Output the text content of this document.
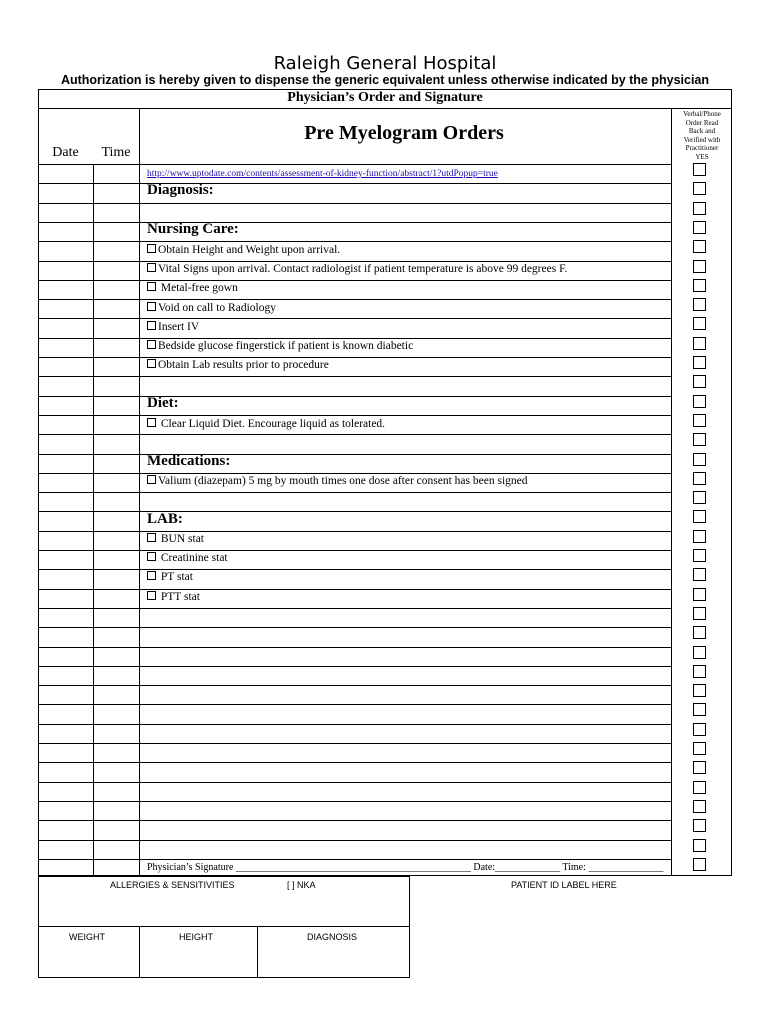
Raleigh General Hospital
Authorization is hereby given to dispense the generic equivalent unless otherwise indicated by the physician
Physician’s Order and Signature
Date	Time
Pre Myelogram Orders
Verbal/Phone
Order Read
Back and
Verified with
Practitioner
YES
http://www.uptodate.com/contents/assessment-of-kidney-function/abstract/1?utdPopup=true
Diagnosis:
Nursing Care:
Obtain Height and Weight upon arrival.
Vital Signs upon arrival. Contact radiologist if patient temperature is above 99 degrees F.
Metal-free gown
Void on call to Radiology
Insert IV
Bedside glucose fingerstick if patient is known diabetic
Obtain Lab results prior to procedure
Diet:
Clear Liquid Diet. Encourage liquid as tolerated.
Medications:
Valium (diazepam) 5 mg by mouth times one dose after consent has been signed
LAB:
BUN stat
Creatinine stat
PT stat
PTT stat
Physician’s Signature _______________________________________________ Date:_____________ Time: _______________
ALLERGIES & SENSITIVITIES	[ ] NKA	PATIENT ID LABEL HERE
WEIGHT	HEIGHT	DIAGNOSIS
